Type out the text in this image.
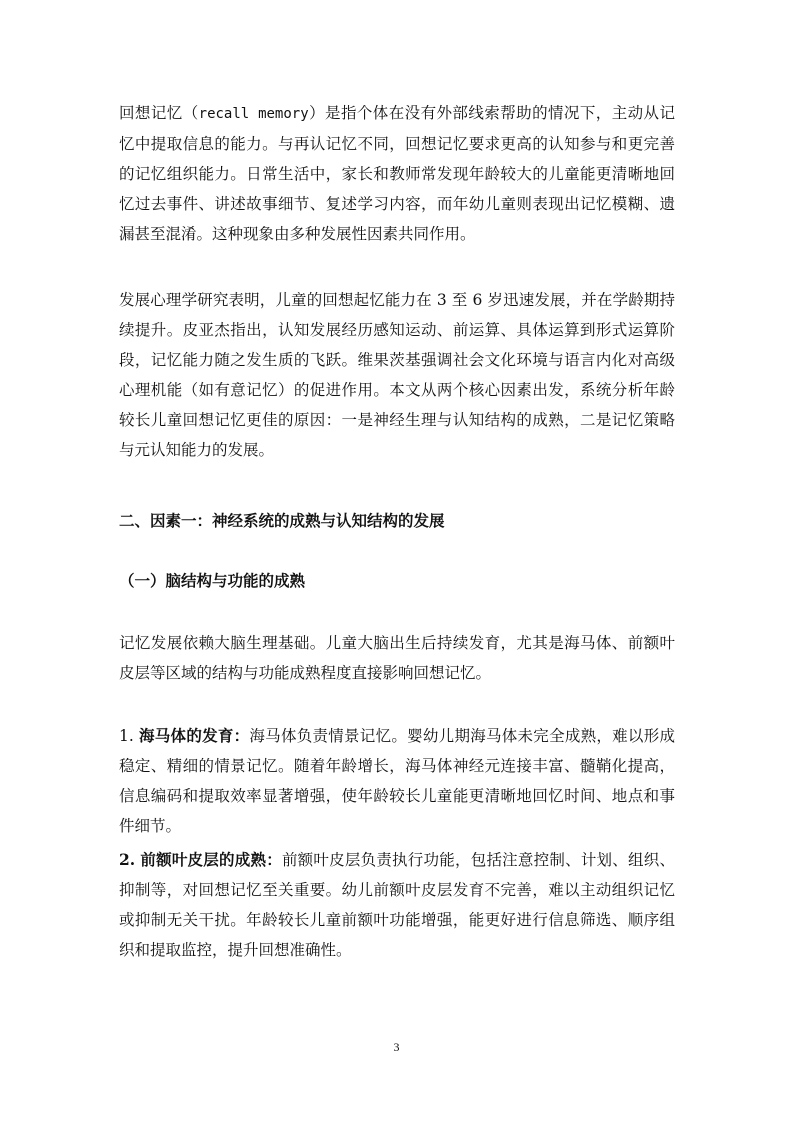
回想记忆（recall memory）是指个体在没有外部线索帮助的情况下，主动从记忆中提取信息的能力。与再认记忆不同，回想记忆要求更高的认知参与和更完善的记忆组织能力。日常生活中，家长和教师常发现年龄较大的儿童能更清晰地回忆过去事件、讲述故事细节、复述学习内容，而年幼儿童则表现出记忆模糊、遗漏甚至混淆。这种现象由多种发展性因素共同作用。

发展心理学研究表明，儿童的回想起忆能力在 3 至 6 岁迅速发展，并在学龄期持续提升。皮亚杰指出，认知发展经历感知运动、前运算、具体运算到形式运算阶段，记忆能力随之发生质的飞跃。维果茨基强调社会文化环境与语言内化对高级心理机能（如有意记忆）的促进作用。本文从两个核心因素出发，系统分析年龄较长儿童回想记忆更佳的原因：一是神经生理与认知结构的成熟，二是记忆策略与元认知能力的发展。

二、因素一：神经系统的成熟与认知结构的发展
（一）脑结构与功能的成熟

记忆发展依赖大脑生理基础。儿童大脑出生后持续发育，尤其是海马体、前额叶皮层等区域的结构与功能成熟程度直接影响回想记忆。

1. 海马体的发育：海马体负责情景记忆。婴幼儿期海马体未完全成熟，难以形成稳定、精细的情景记忆。随着年龄增长，海马体神经元连接丰富、髓鞘化提高，信息编码和提取效率显著增强，使年龄较长儿童能更清晰地回忆时间、地点和事件细节。

2. 前额叶皮层的成熟：前额叶皮层负责执行功能，包括注意控制、计划、组织、抑制等，对回想记忆至关重要。幼儿前额叶皮层发育不完善，难以主动组织记忆或抑制无关干扰。年龄较长儿童前额叶功能增强，能更好进行信息筛选、顺序组织和提取监控，提升回想准确性。

3
